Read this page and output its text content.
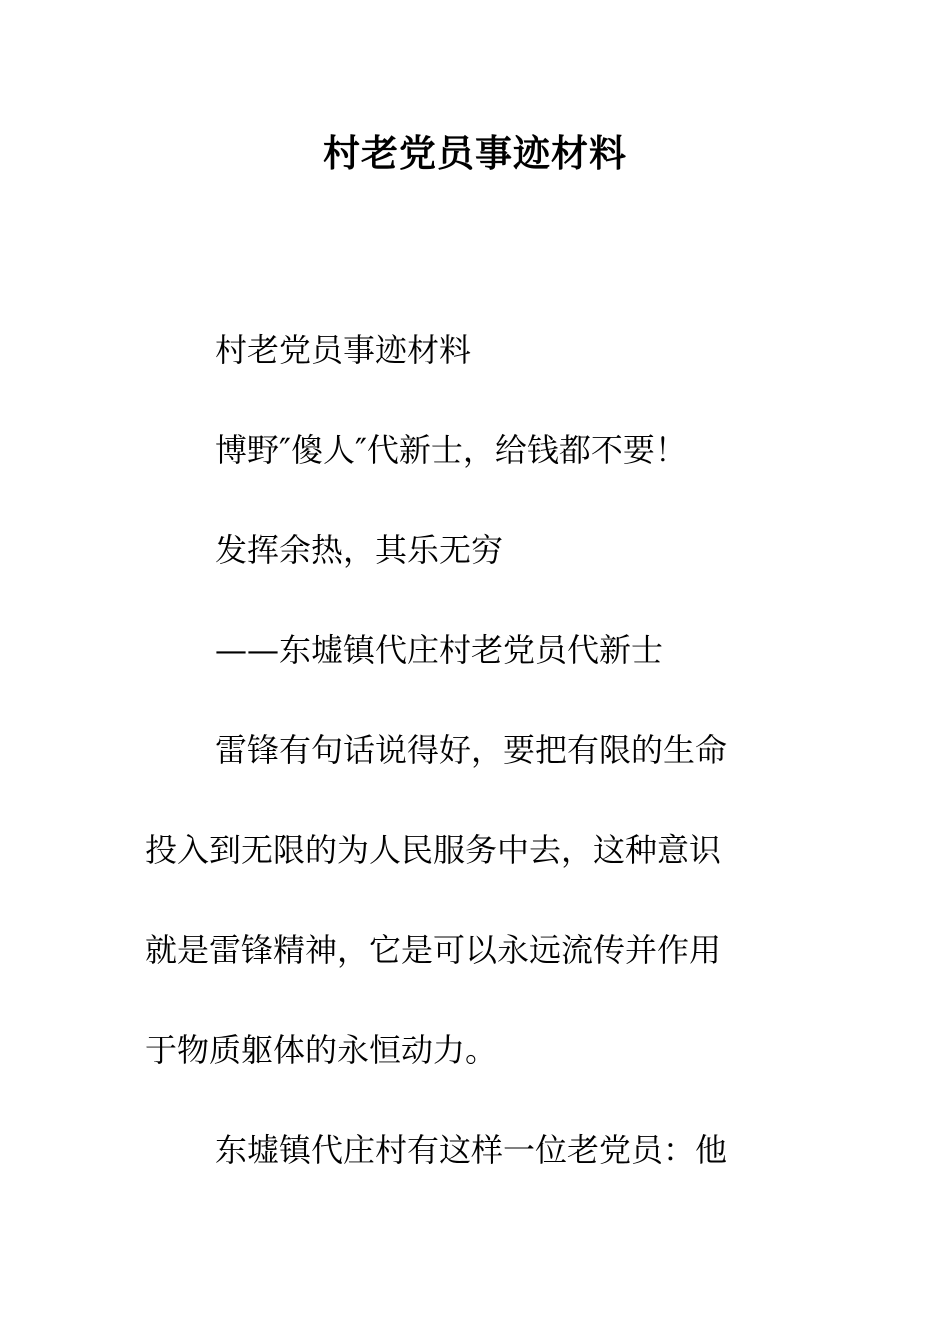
村老党员事迹材料
村老党员事迹材料
博野″傻人″代新士，给钱都不要！
发挥余热，其乐无穷
——东墟镇代庄村老党员代新士
雷锋有句话说得好，要把有限的生命
投入到无限的为人民服务中去，这种意识
就是雷锋精神，它是可以永远流传并作用
于物质躯体的永恒动力。
东墟镇代庄村有这样一位老党员：他
